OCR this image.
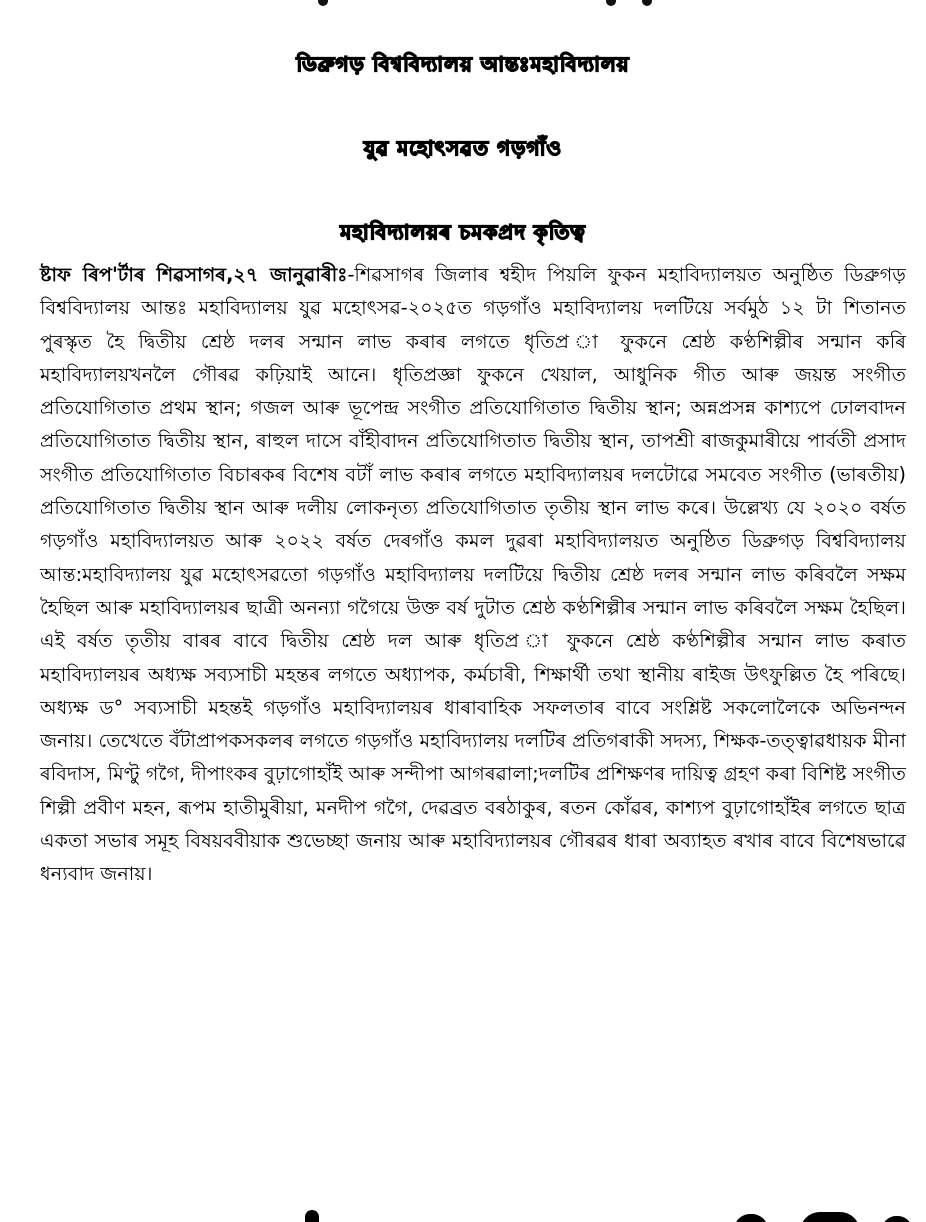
ডিব্ৰুগড় বিশ্ববিদ্যালয় আন্তঃমহাবিদ্যালয়
যুৱ মহোৎসৱত গড়গাঁও
মহাবিদ্যালয়ৰ চমকপ্ৰদ কৃতিত্ব
ষ্টাফ ৰিপ'ৰ্টাৰ শিৱসাগৰ,২৭ জানুৱাৰীঃ-শিৱসাগৰ জিলাৰ শ্বহীদ পিয়লি ফুকন মহাবিদ্যালয়ত অনুষ্ঠিত ডিব্ৰুগড় বিশ্ববিদ্যালয় আন্তঃ মহাবিদ্যালয় যুৱ মহোৎসৱ-২০২৫ত গড়গাঁও মহাবিদ্যালয় দলটিয়ে সৰ্বমুঠ ১২ টা শিতানত পুৰস্কৃত হৈ দ্বিতীয় শ্ৰেষ্ঠ দলৰ সন্মান লাভ কৰাৰ লগতে ধৃতিপ্ৰ া ফুকনে শ্ৰেষ্ঠ কণ্ঠশিল্পীৰ সন্মান কৰি মহাবিদ্যালয়খনলৈ গৌৰৱ কঢ়িয়াই আনে। ধৃতিপ্ৰজ্ঞা ফুকনে খেয়াল, আধুনিক গীত আৰু জয়ন্ত সংগীত প্ৰতিযোগিতাত প্ৰথম স্থান; গজল আৰু ভূপেন্দ্ৰ সংগীত প্ৰতিযোগিতাত দ্বিতীয় স্থান; অন্নপ্ৰসন্ন কাশ্যপে ঢোলবাদন প্ৰতিযোগিতাত দ্বিতীয় স্থান, ৰাহুল দাসে বাঁহীবাদন প্ৰতিযোগিতাত দ্বিতীয় স্থান, তাপশ্ৰী ৰাজকুমাৰীয়ে পাৰ্বতী প্ৰসাদ সংগীত প্ৰতিযোগিতাত বিচাৰকৰ বিশেষ বটাঁ লাভ কৰাৰ লগতে মহাবিদ্যালয়ৰ দলটোৱে সমবেত সংগীত (ভাৰতীয়) প্ৰতিযোগিতাত দ্বিতীয় স্থান আৰু দলীয় লোকনৃত্য প্ৰতিযোগিতাত তৃতীয় স্থান লাভ কৰে। উল্লেখ্য যে ২০২০ বৰ্ষত গড়গাঁও মহাবিদ্যালয়ত আৰু ২০২২ বৰ্ষত দেৰগাঁও কমল দুৱৰা মহাবিদ্যালয়ত অনুষ্ঠিত ডিব্ৰুগড় বিশ্ববিদ্যালয় আন্ত:মহাবিদ্যালয় যুৱ মহোৎসৱতো গড়গাঁও মহাবিদ্যালয় দলটিয়ে দ্বিতীয় শ্ৰেষ্ঠ দলৰ সন্মান লাভ কৰিবলৈ সক্ষম হৈছিল আৰু মহাবিদ্যালয়ৰ ছাত্ৰী অনন্যা গগৈয়ে উক্ত বৰ্ষ দুটাত শ্ৰেষ্ঠ কণ্ঠশিল্পীৰ সন্মান লাভ কৰিবলৈ সক্ষম হৈছিল। এই বৰ্ষত তৃতীয় বাৰৰ বাবে দ্বিতীয় শ্ৰেষ্ঠ দল আৰু ধৃতিপ্ৰ া ফুকনে শ্ৰেষ্ঠ কণ্ঠশিল্পীৰ সন্মান লাভ কৰাত মহাবিদ্যালয়ৰ অধ্যক্ষ সব্যসাচী মহন্তৰ লগতে অধ্যাপক, কৰ্মচাৰী, শিক্ষাৰ্থী তথা স্থানীয় ৰাইজ উৎফুল্লিত হৈ পৰিছে। অধ্যক্ষ ড° সব্যসাচী মহন্তই গড়গাঁও মহাবিদ্যালয়ৰ ধাৰাবাহিক সফলতাৰ বাবে সংশ্লিষ্ট সকলোলৈকে অভিনন্দন জনায়। তেখেতে বঁটাপ্ৰাপকসকলৰ লগতে গড়গাঁও মহাবিদ্যালয় দলটিৰ প্ৰতিগৰাকী সদস্য, শিক্ষক-তত্ত্বাৱধায়ক মীনা ৰবিদাস, মিণ্টু গগৈ, দীপাংকৰ বুঢ়াগোহাঁই আৰু সন্দীপা আগৰৱালা;দলটিৰ প্ৰশিক্ষণৰ দায়িত্ব গ্ৰহণ কৰা বিশিষ্ট সংগীত শিল্পী প্ৰবীণ মহন, ৰূপম হাতীমুৰীয়া, মনদীপ গগৈ, দেৱব্ৰত বৰঠাকুৰ, ৰতন কোঁৱৰ, কাশ্যপ বুঢ়াগোহাঁইৰ লগতে ছাত্ৰ একতা সভাৰ সমূহ বিষয়ববীয়াক শুভেচ্ছা জনায় আৰু মহাবিদ্যালয়ৰ গৌৰৱৰ ধাৰা অব্যাহত ৰখাৰ বাবে বিশেষভাৱে ধন্যবাদ জনায়।
